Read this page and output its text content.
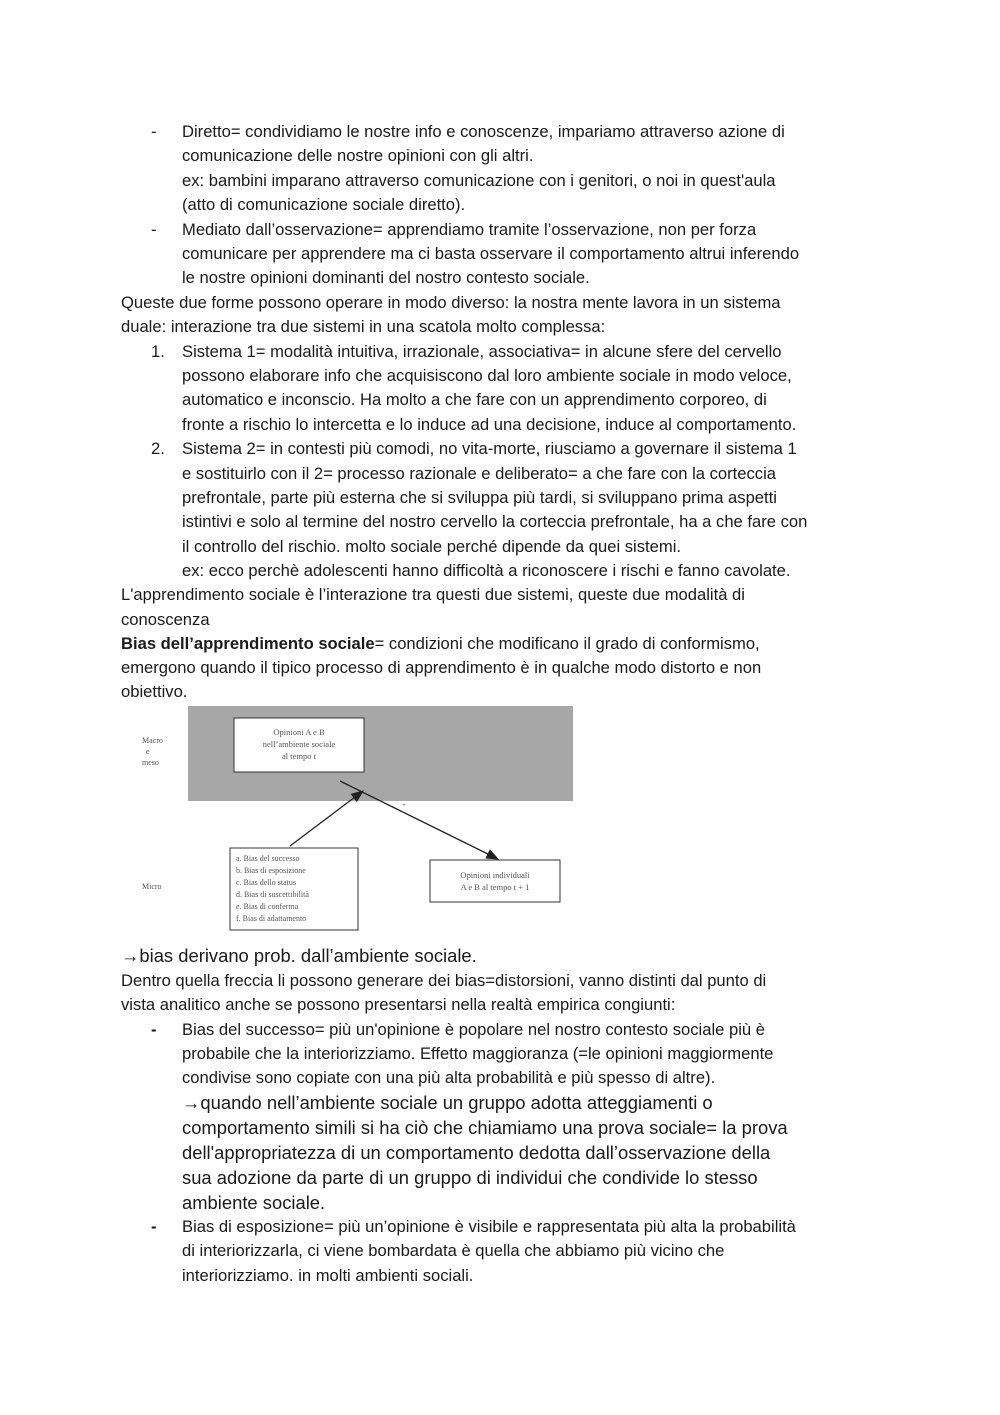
- Diretto= condividiamo le nostre info e conoscenze, impariamo attraverso azione di
comunicazione delle nostre opinioni con gli altri.
ex: bambini imparano attraverso comunicazione con i genitori, o noi in quest'aula
(atto di comunicazione sociale diretto).
- Mediato dall’osservazione= apprendiamo tramite l’osservazione, non per forza
comunicare per apprendere ma ci basta osservare il comportamento altrui inferendo
le nostre opinioni dominanti del nostro contesto sociale.
Queste due forme possono operare in modo diverso: la nostra mente lavora in un sistema
duale: interazione tra due sistemi in una scatola molto complessa:
1. Sistema 1= modalità intuitiva, irrazionale, associativa= in alcune sfere del cervello
possono elaborare info che acquisiscono dal loro ambiente sociale in modo veloce,
automatico e inconscio. Ha molto a che fare con un apprendimento corporeo, di
fronte a rischio lo intercetta e lo induce ad una decisione, induce al comportamento.
2. Sistema 2= in contesti più comodi, no vita-morte, riusciamo a governare il sistema 1
e sostituirlo con il 2= processo razionale e deliberato= a che fare con la corteccia
prefrontale, parte più esterna che si sviluppa più tardi, si sviluppano prima aspetti
istintivi e solo al termine del nostro cervello la corteccia prefrontale, ha a che fare con
il controllo del rischio. molto sociale perché dipende da quei sistemi.
ex: ecco perchè adolescenti hanno difficoltà a riconoscere i rischi e fanno cavolate.
L'apprendimento sociale è l’interazione tra questi due sistemi, queste due modalità di
conoscenza
Bias dell’apprendimento sociale= condizioni che modificano il grado di conformismo,
emergono quando il tipico processo di apprendimento è in qualche modo distorto e non
obiettivo.
Macro
e
meso
Micro
Opinioni A e B
nell’ambiente sociale
al tempo t
+
a. Bias del successo
b. Bias di esposizione
c. Bias dello status
d. Bias di suscettibilità
e. Bias di conferma
f. Bias di adattamento
Opinioni individuali
A e B al tempo t + 1
→bias derivano prob. dall’ambiente sociale.
Dentro quella freccia li possono generare dei bias=distorsioni, vanno distinti dal punto di
vista analitico anche se possono presentarsi nella realtà empirica congiunti:
- Bias del successo= più un'opinione è popolare nel nostro contesto sociale più è
probabile che la interiorizziamo. Effetto maggioranza (=le opinioni maggiormente
condivise sono copiate con una più alta probabilità e più spesso di altre).
→quando nell’ambiente sociale un gruppo adotta atteggiamenti o
comportamento simili si ha ciò che chiamiamo una prova sociale= la prova
dell'appropriatezza di un comportamento dedotta dall’osservazione della
sua adozione da parte di un gruppo di individui che condivide lo stesso
ambiente sociale.
- Bias di esposizione= più un’opinione è visibile e rappresentata più alta la probabilità
di interiorizzarla, ci viene bombardata è quella che abbiamo più vicino che
interiorizziamo. in molti ambienti sociali.
